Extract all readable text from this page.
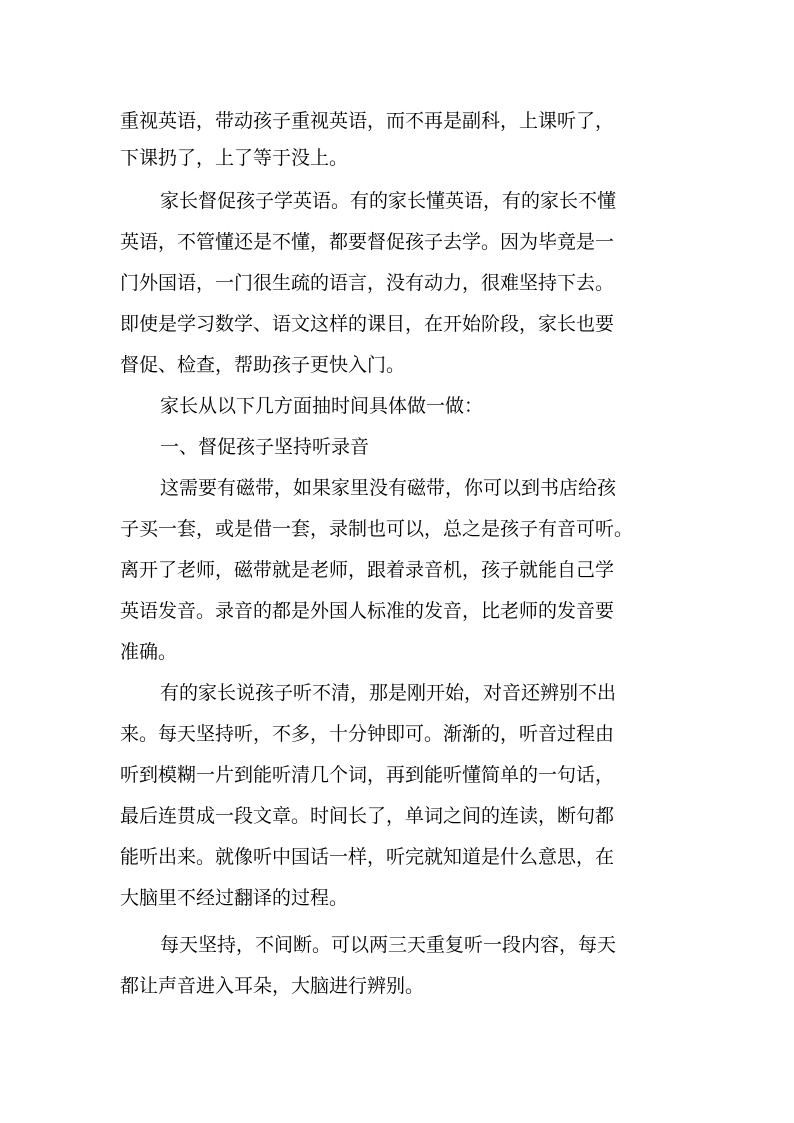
重视英语，带动孩子重视英语，而不再是副科，上课听了，

下课扔了，上了等于没上。

家长督促孩子学英语。有的家长懂英语，有的家长不懂

英语，不管懂还是不懂，都要督促孩子去学。因为毕竟是一

门外国语，一门很生疏的语言，没有动力，很难坚持下去。

即使是学习数学、语文这样的课目，在开始阶段，家长也要

督促、检查，帮助孩子更快入门。

家长从以下几方面抽时间具体做一做：

一、督促孩子坚持听录音

这需要有磁带，如果家里没有磁带，你可以到书店给孩

子买一套，或是借一套，录制也可以，总之是孩子有音可听。

离开了老师，磁带就是老师，跟着录音机，孩子就能自己学

英语发音。录音的都是外国人标准的发音，比老师的发音要

准确。

有的家长说孩子听不清，那是刚开始，对音还辨别不出

来。每天坚持听，不多，十分钟即可。渐渐的，听音过程由

听到模糊一片到能听清几个词，再到能听懂简单的一句话，

最后连贯成一段文章。时间长了，单词之间的连读，断句都

能听出来。就像听中国话一样，听完就知道是什么意思，在

大脑里不经过翻译的过程。

每天坚持，不间断。可以两三天重复听一段内容，每天

都让声音进入耳朵，大脑进行辨别。
